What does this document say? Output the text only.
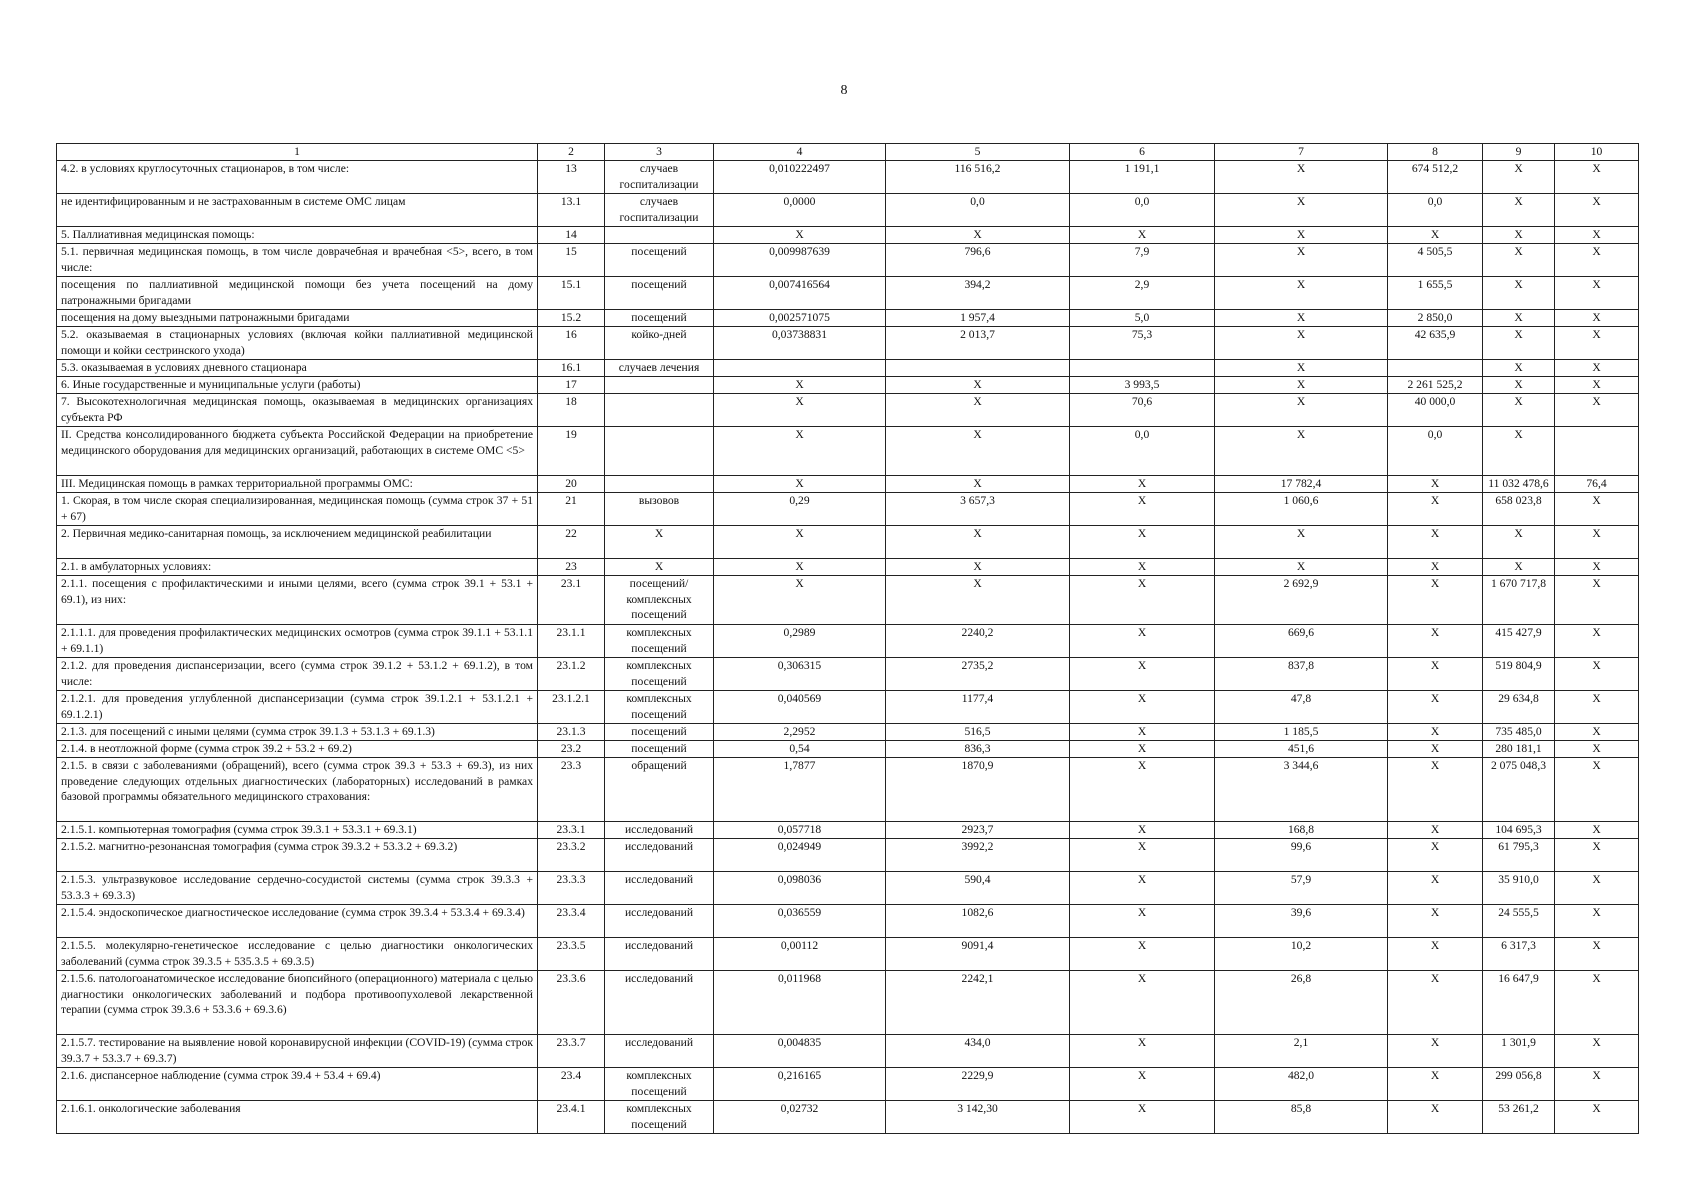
8
1	2	3	4	5	6	7	8	9	10
4.2. в условиях круглосуточных стационаров, в том числе:	13	случаев госпитализации	0,010222497	116 516,2	1 191,1	X	674 512,2	X	X
не идентифицированным и не застрахованным в системе ОМС лицам	13.1	случаев госпитализации	0,0000	0,0	0,0	X	0,0	X	X
5. Паллиативная медицинская помощь:	14		X	X	X	X	X	X	X
5.1. первичная медицинская помощь, в том числе доврачебная и врачебная <5>, всего, в том числе:	15	посещений	0,009987639	796,6	7,9	X	4 505,5	X	X
посещения по паллиативной медицинской помощи без учета посещений на дому патронажными бригадами	15.1	посещений	0,007416564	394,2	2,9	X	1 655,5	X	X
посещения на дому выездными патронажными бригадами	15.2	посещений	0,002571075	1 957,4	5,0	X	2 850,0	X	X
5.2. оказываемая в стационарных условиях (включая койки паллиативной медицинской помощи и койки сестринского ухода)	16	койко-дней	0,03738831	2 013,7	75,3	X	42 635,9	X	X
5.3. оказываемая в условиях дневного стационара	16.1	случаев лечения				X		X	X
6. Иные государственные и муниципальные услуги (работы)	17		X	X	3 993,5	X	2 261 525,2	X	X
7. Высокотехнологичная медицинская помощь, оказываемая в медицинских организациях субъекта РФ	18		X	X	70,6	X	40 000,0	X	X
II. Средства консолидированного бюджета субъекта Российской Федерации на приобретение медицинского оборудования для медицинских организаций, работающих в системе ОМС <5>	19		X	X	0,0	X	0,0	X	
III. Медицинская помощь в рамках территориальной программы ОМС:	20		X	X	X	17 782,4	X	11 032 478,6	76,4
1. Скорая, в том числе скорая специализированная, медицинская помощь (сумма строк 37 + 51 + 67)	21	вызовов	0,29	3 657,3	X	1 060,6	X	658 023,8	X
2. Первичная медико-санитарная помощь, за исключением медицинской реабилитации	22	X	X	X	X	X	X	X	X
2.1. в амбулаторных условиях:	23	X	X	X	X	X	X	X	X
2.1.1. посещения с профилактическими и иными целями, всего (сумма строк 39.1 + 53.1 + 69.1), из них:	23.1	посещений/ комплексных посещений	X	X	X	2 692,9	X	1 670 717,8	X
2.1.1.1. для проведения профилактических медицинских осмотров (сумма строк 39.1.1 + 53.1.1 + 69.1.1)	23.1.1	комплексных посещений	0,2989	2240,2	X	669,6	X	415 427,9	X
2.1.2. для проведения диспансеризации, всего (сумма строк 39.1.2 + 53.1.2 + 69.1.2), в том числе:	23.1.2	комплексных посещений	0,306315	2735,2	X	837,8	X	519 804,9	X
2.1.2.1. для проведения углубленной диспансеризации (сумма строк 39.1.2.1 + 53.1.2.1 + 69.1.2.1)	23.1.2.1	комплексных посещений	0,040569	1177,4	X	47,8	X	29 634,8	X
2.1.3. для посещений с иными целями (сумма строк 39.1.3 + 53.1.3 + 69.1.3)	23.1.3	посещений	2,2952	516,5	X	1 185,5	X	735 485,0	X
2.1.4. в неотложной форме (сумма строк 39.2 + 53.2 + 69.2)	23.2	посещений	0,54	836,3	X	451,6	X	280 181,1	X
2.1.5. в связи с заболеваниями (обращений), всего (сумма строк 39.3 + 53.3 + 69.3), из них проведение следующих отдельных диагностических (лабораторных) исследований в рамках базовой программы обязательного медицинского страхования:	23.3	обращений	1,7877	1870,9	X	3 344,6	X	2 075 048,3	X
2.1.5.1. компьютерная томография (сумма строк 39.3.1 + 53.3.1 + 69.3.1)	23.3.1	исследований	0,057718	2923,7	X	168,8	X	104 695,3	X
2.1.5.2. магнитно-резонансная томография (сумма строк 39.3.2 + 53.3.2 + 69.3.2)	23.3.2	исследований	0,024949	3992,2	X	99,6	X	61 795,3	X
2.1.5.3. ультразвуковое исследование сердечно-сосудистой системы (сумма строк 39.3.3 + 53.3.3 + 69.3.3)	23.3.3	исследований	0,098036	590,4	X	57,9	X	35 910,0	X
2.1.5.4. эндоскопическое диагностическое исследование (сумма строк 39.3.4 + 53.3.4 + 69.3.4)	23.3.4	исследований	0,036559	1082,6	X	39,6	X	24 555,5	X
2.1.5.5. молекулярно-генетическое исследование с целью диагностики онкологических заболеваний (сумма строк 39.3.5 + 535.3.5 + 69.3.5)	23.3.5	исследований	0,00112	9091,4	X	10,2	X	6 317,3	X
2.1.5.6. патологоанатомическое исследование биопсийного (операционного) материала с целью диагностики онкологических заболеваний и подбора противоопухолевой лекарственной терапии (сумма строк 39.3.6 + 53.3.6 + 69.3.6)	23.3.6	исследований	0,011968	2242,1	X	26,8	X	16 647,9	X
2.1.5.7. тестирование на выявление новой коронавирусной инфекции (COVID-19) (сумма строк 39.3.7 + 53.3.7 + 69.3.7)	23.3.7	исследований	0,004835	434,0	X	2,1	X	1 301,9	X
2.1.6. диспансерное наблюдение (сумма строк 39.4 + 53.4 + 69.4)	23.4	комплексных посещений	0,216165	2229,9	X	482,0	X	299 056,8	X
2.1.6.1. онкологические заболевания	23.4.1	комплексных посещений	0,02732	3 142,30	X	85,8	X	53 261,2	X
